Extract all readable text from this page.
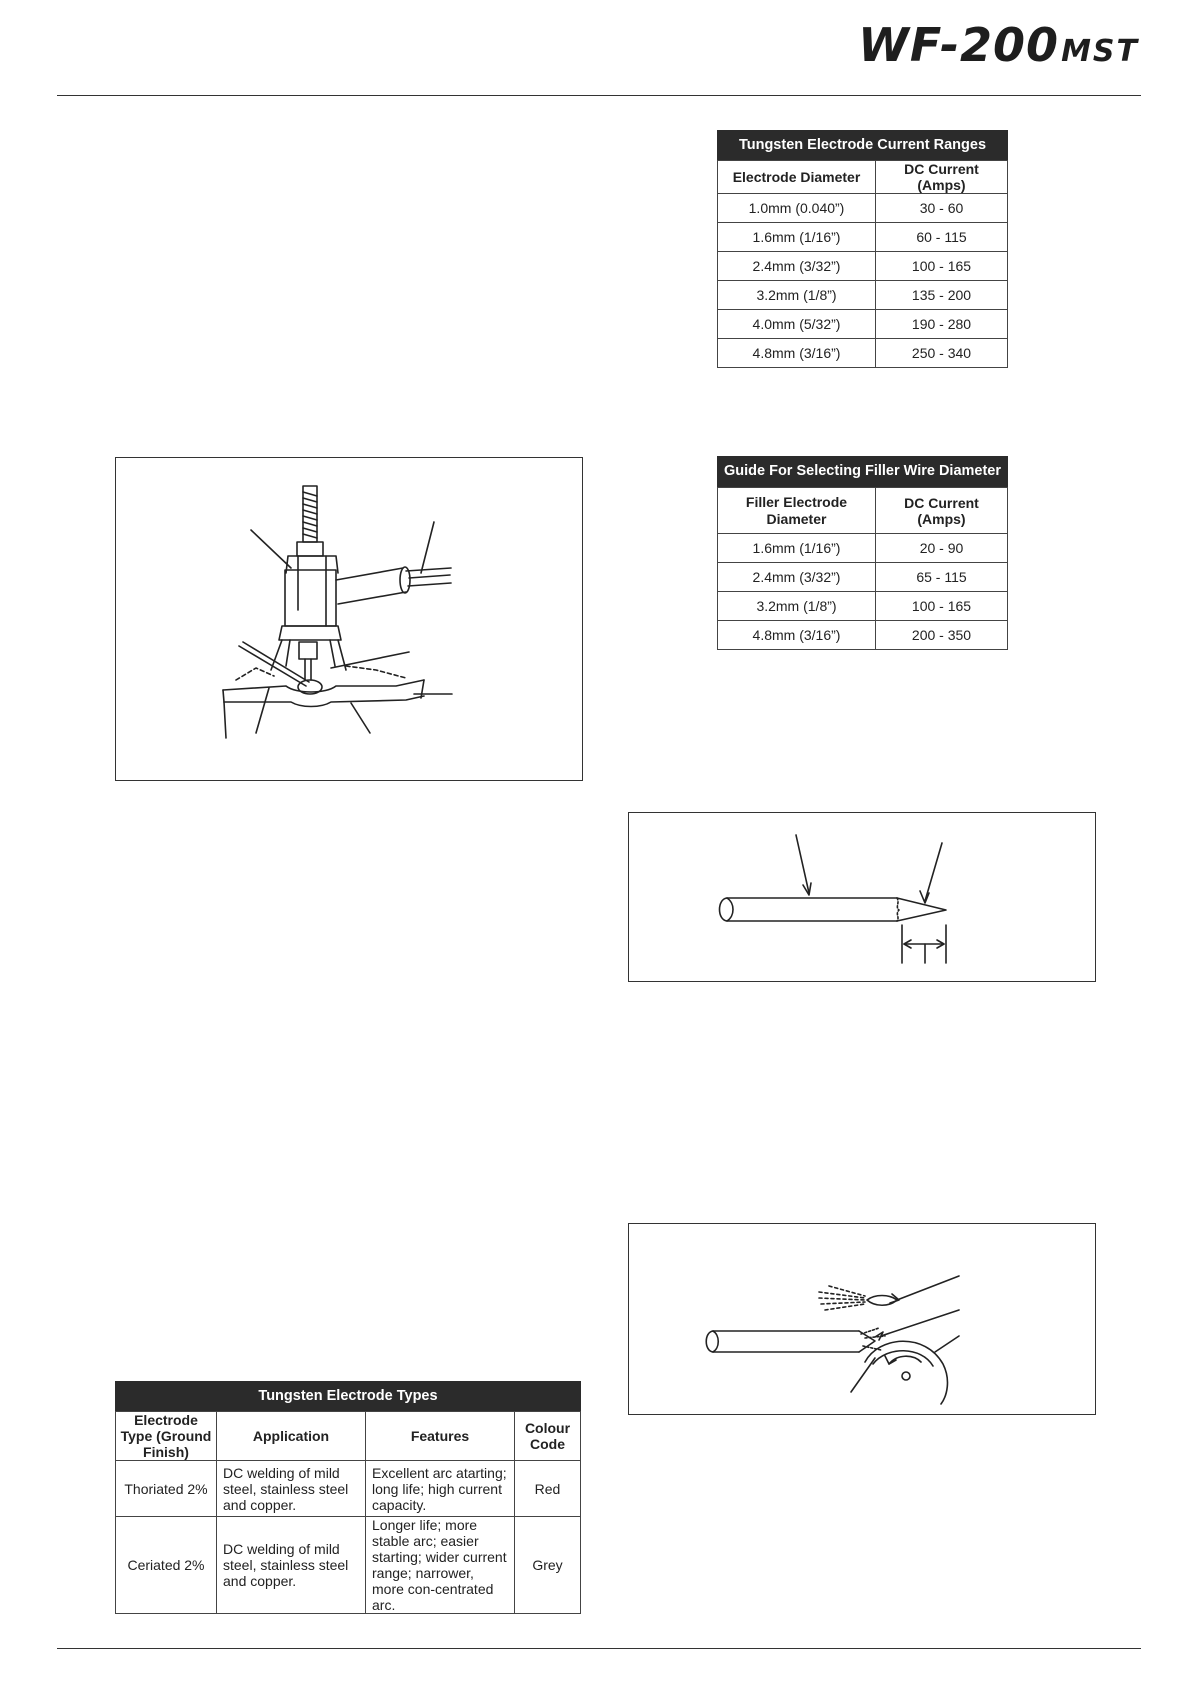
WF-200MST
Tungsten Electrode Current Ranges
Electrode Diameter	DC Current (Amps)
1.0mm (0.040”)	30 - 60
1.6mm (1/16”)	60 - 115
2.4mm (3/32”)	100 - 165
3.2mm (1/8”)	135 - 200
4.0mm (5/32”)	190 - 280
4.8mm (3/16”)	250 - 340
Guide For Selecting Filler Wire Diameter
Filler Electrode Diameter	DC Current (Amps)
1.6mm (1/16”)	20 - 90
2.4mm (3/32”)	65 - 115
3.2mm (1/8”)	100 - 165
4.8mm (3/16”)	200 - 350
Tungsten Electrode Types
Electrode Type (Ground Finish)	Application	Features	Colour Code
Thoriated 2%	DC welding of mild steel, stainless steel and copper.	Excellent arc atarting; long life; high current capacity.	Red
Ceriated 2%	DC welding of mild steel, stainless steel and copper.	Longer life; more stable arc; easier starting; wider current range; narrower, more con-centrated arc.	Grey
